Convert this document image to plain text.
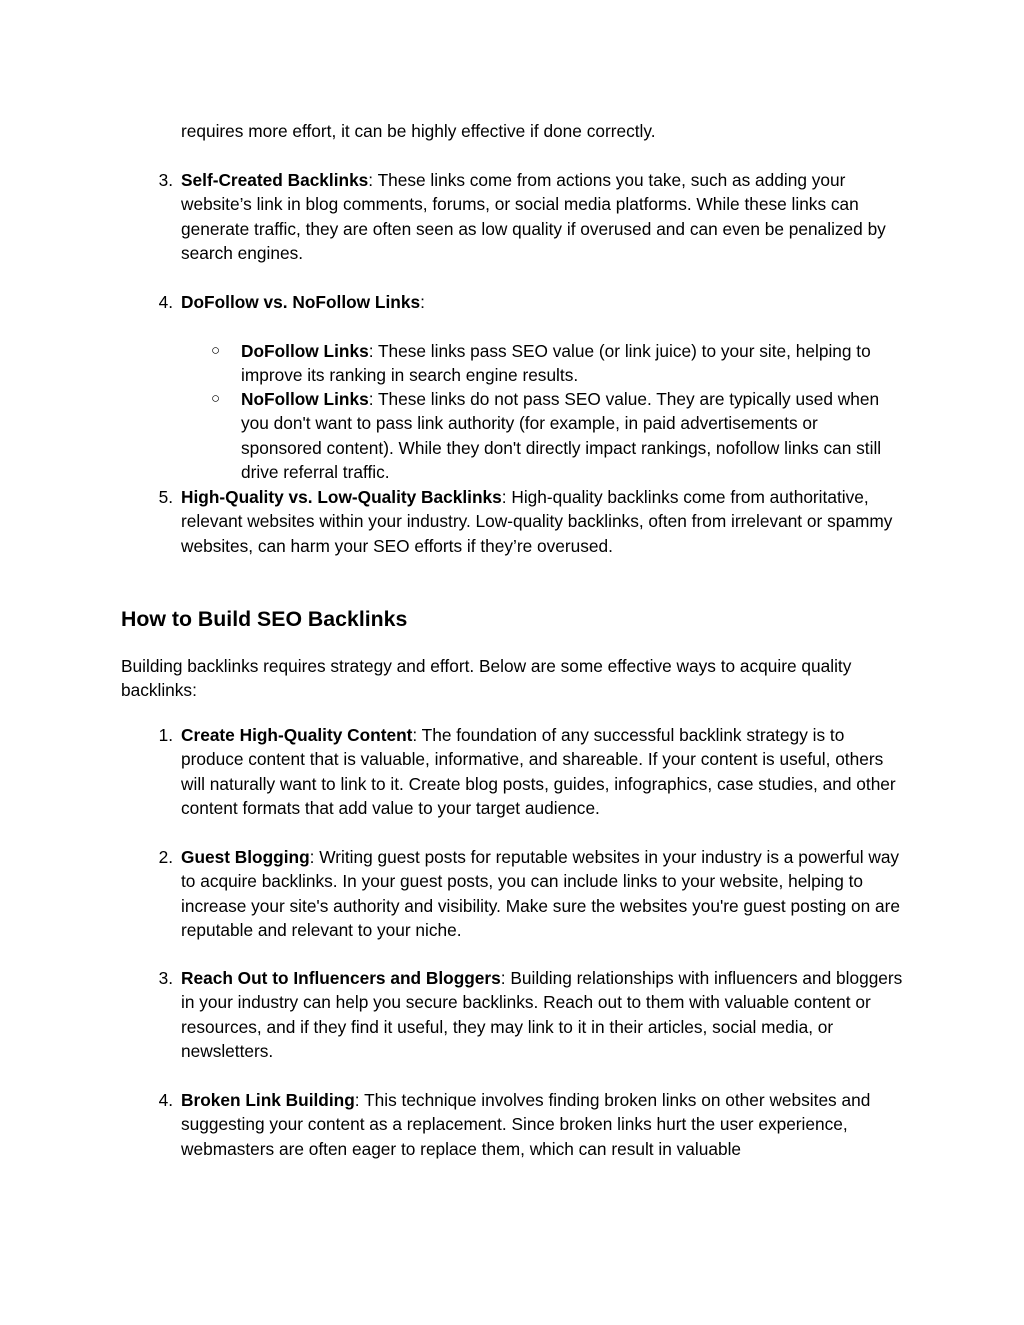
requires more effort, it can be highly effective if done correctly.

3. Self-Created Backlinks: These links come from actions you take, such as adding your website’s link in blog comments, forums, or social media platforms. While these links can generate traffic, they are often seen as low quality if overused and can even be penalized by search engines.
4. DoFollow vs. NoFollow Links:
○ DoFollow Links: These links pass SEO value (or link juice) to your site, helping to improve its ranking in search engine results.
○ NoFollow Links: These links do not pass SEO value. They are typically used when you don't want to pass link authority (for example, in paid advertisements or sponsored content). While they don't directly impact rankings, nofollow links can still drive referral traffic.
5. High-Quality vs. Low-Quality Backlinks: High-quality backlinks come from authoritative, relevant websites within your industry. Low-quality backlinks, often from irrelevant or spammy websites, can harm your SEO efforts if they’re overused.
How to Build SEO Backlinks

Building backlinks requires strategy and effort. Below are some effective ways to acquire quality backlinks:

1. Create High-Quality Content: The foundation of any successful backlink strategy is to produce content that is valuable, informative, and shareable. If your content is useful, others will naturally want to link to it. Create blog posts, guides, infographics, case studies, and other content formats that add value to your target audience.
2. Guest Blogging: Writing guest posts for reputable websites in your industry is a powerful way to acquire backlinks. In your guest posts, you can include links to your website, helping to increase your site's authority and visibility. Make sure the websites you're guest posting on are reputable and relevant to your niche.
3. Reach Out to Influencers and Bloggers: Building relationships with influencers and bloggers in your industry can help you secure backlinks. Reach out to them with valuable content or resources, and if they find it useful, they may link to it in their articles, social media, or newsletters.
4. Broken Link Building: This technique involves finding broken links on other websites and suggesting your content as a replacement. Since broken links hurt the user experience, webmasters are often eager to replace them, which can result in valuable
